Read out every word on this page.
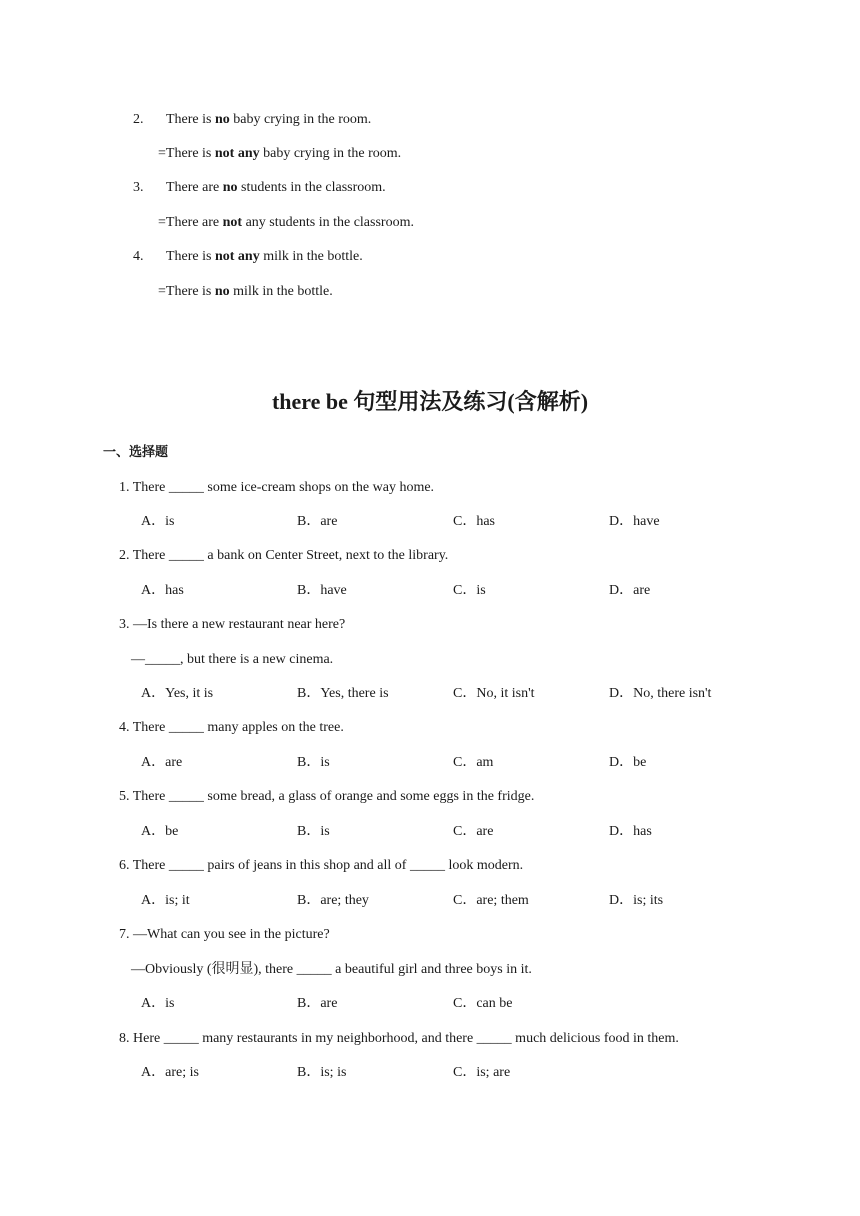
2. There is no baby crying in the room.
=There is not any baby crying in the room.
3. There are no students in the classroom.
=There are not any students in the classroom.
4. There is not any milk in the bottle.
=There is no milk in the bottle.
there be 句型用法及练习(含解析)
一、选择题
1. There _____ some ice-cream shops on the way home.
A．is	B．are	C．has	D．have
2. There _____ a bank on Center Street, next to the library.
A．has	B．have	C．is	D．are
3. —Is there a new restaurant near here?
—_____, but there is a new cinema.
A．Yes, it is	B．Yes, there is	C．No, it isn't	D．No, there isn't
4. There _____ many apples on the tree.
A．are	B．is	C．am	D．be
5. There _____ some bread, a glass of orange and some eggs in the fridge.
A．be	B．is	C．are	D．has
6. There _____ pairs of jeans in this shop and all of _____ look modern.
A．is; it	B．are; they	C．are; them	D．is; its
7. —What can you see in the picture?
—Obviously (很明显), there _____ a beautiful girl and three boys in it.
A．is	B．are	C．can be
8. Here _____ many restaurants in my neighborhood, and there _____ much delicious food in them.
A．are; is	B．is; is	C．is; are
